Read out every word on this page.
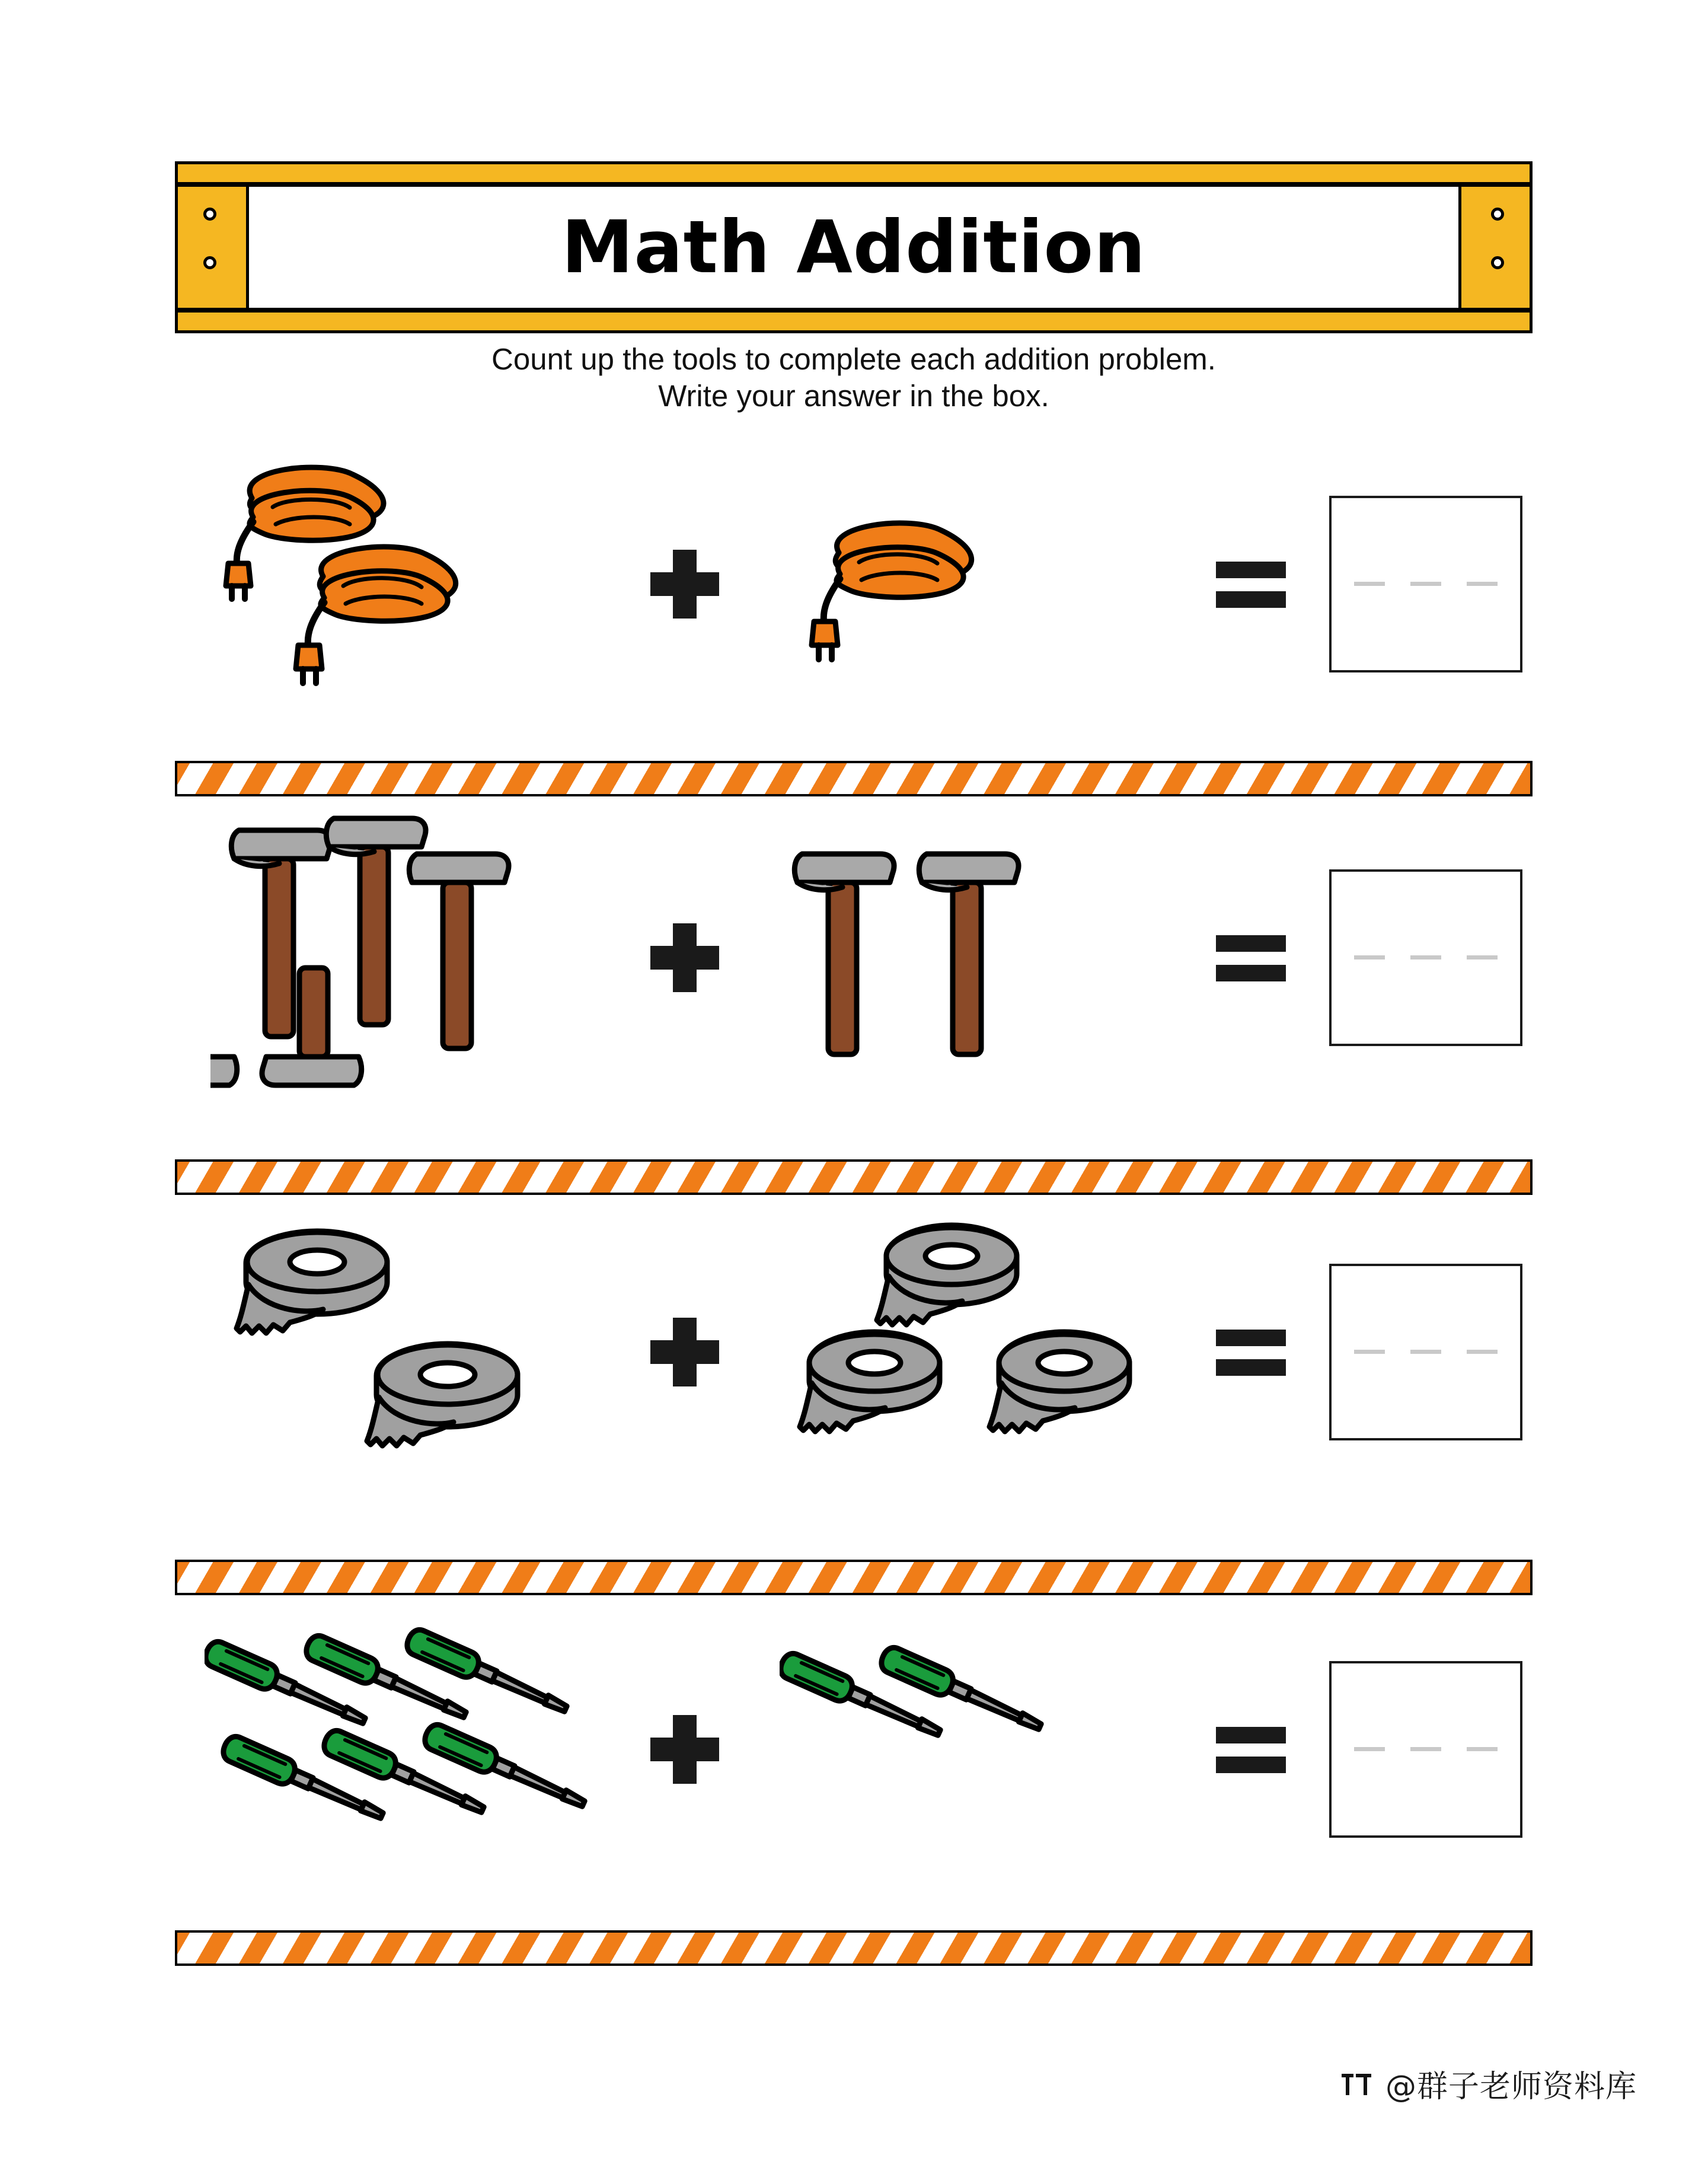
Math Addition
Count up the tools to complete each addition problem.
Write your answer in the box.
@群子老师资料库
